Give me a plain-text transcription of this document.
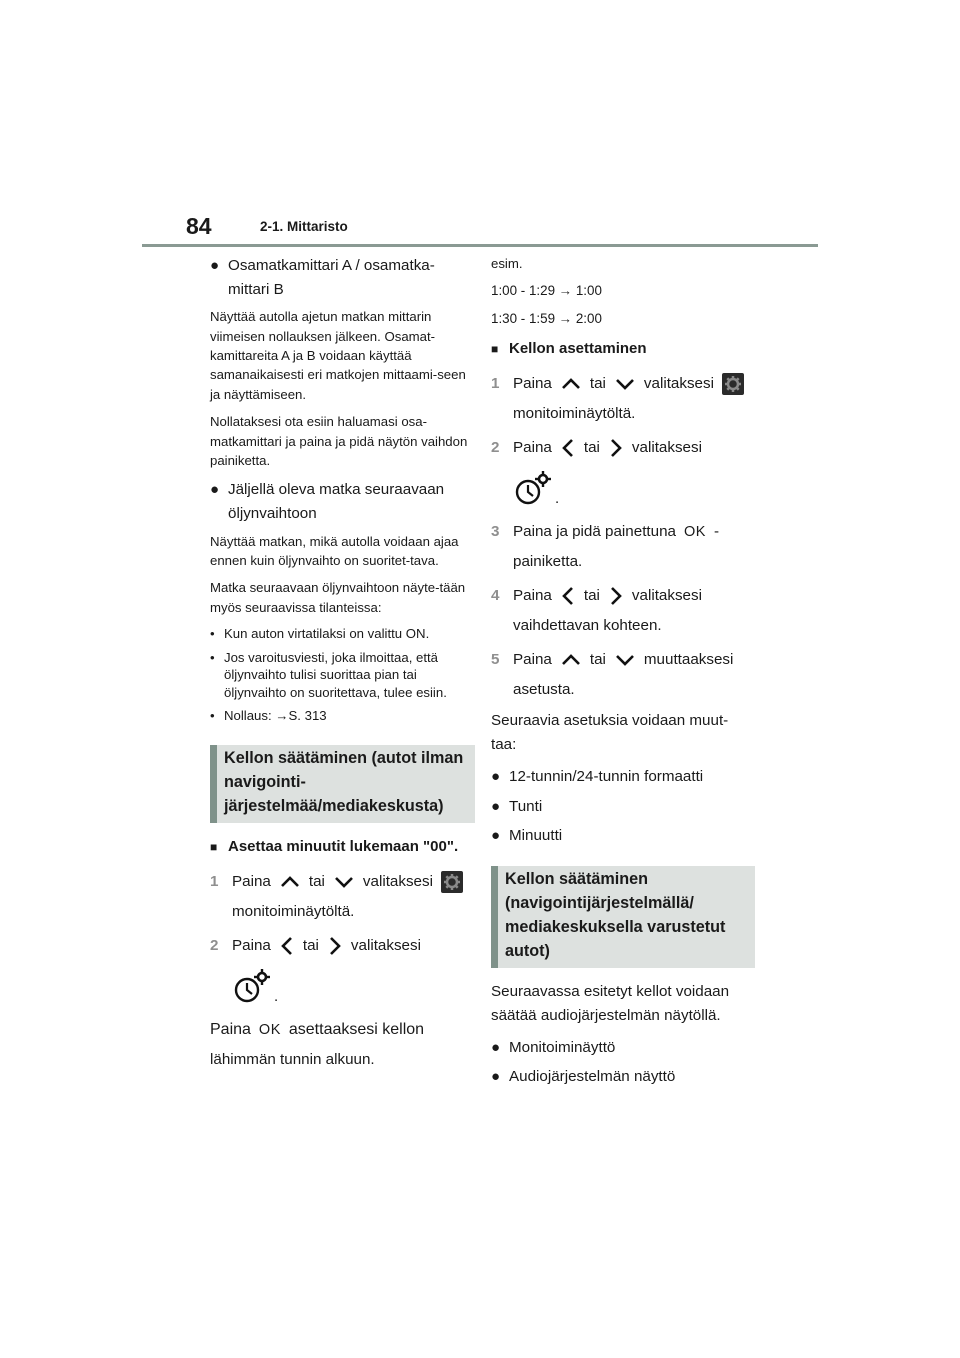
84	2-1. Mittaristo
● Osamatkamittari A / osamatka-
mittari B

Näyttää autolla ajetun matkan mittarin viimeisen nollauksen jälkeen. Osamat-kamittareita A ja B voidaan käyttää samanaikaisesti eri matkojen mittaami-seen ja näyttämiseen.

Nollataksesi ota esiin haluamasi osa-matkamittari ja paina ja pidä näytön vaihdon painiketta.

● Jäljellä oleva matka seuraavaan öljynvaihtoon

Näyttää matkan, mikä autolla voidaan ajaa ennen kuin öljynvaihto on suoritet-tava.

Matka seuraavaan öljynvaihtoon näyte-tään myös seuraavissa tilanteissa:

• Kun auton virtatilaksi on valittu ON.
• Jos varoitusviesti, joka ilmoittaa, että öljynvaihto tulisi suorittaa pian tai öljynvaihto on suoritettava, tulee esiin.
• Nollaus: →S. 313
Kellon säätäminen (autot ilman navigointi-järjestelmää/mediakeskusta)
■ Asettaa minuutit lukemaan "00".
1 Paina	tai	valitaksesi
monitoiminäytöltä.
2 Paina tai valitaksesi
.
Paina OK asettaaksesi kellon
lähimmän tunnin alkuun.

esim.

1:00 - 1:29 → 1:00

1:30 - 1:59 → 2:00

■ Kellon asettaminen
1 Paina	tai	valitaksesi
monitoiminäytöltä.
2 Paina tai valitaksesi
.
3 Paina ja pidä painettuna OK -
painiketta.
4 Paina tai valitaksesi
vaihdettavan kohteen.
5 Paina	tai	muuttaaksesi
asetusta.

Seuraavia asetuksia voidaan muut-taa:

● 12-tunnin/24-tunnin formaatti
● Tunti
● Minuutti
Kellon säätäminen (navigointijärjestelmällä/ mediakeskuksella varustetut autot)

Seuraavassa esitetyt kellot voidaan säätää audiojärjestelmän näytöllä.

● Monitoiminäyttö
● Audiojärjestelmän näyttö
